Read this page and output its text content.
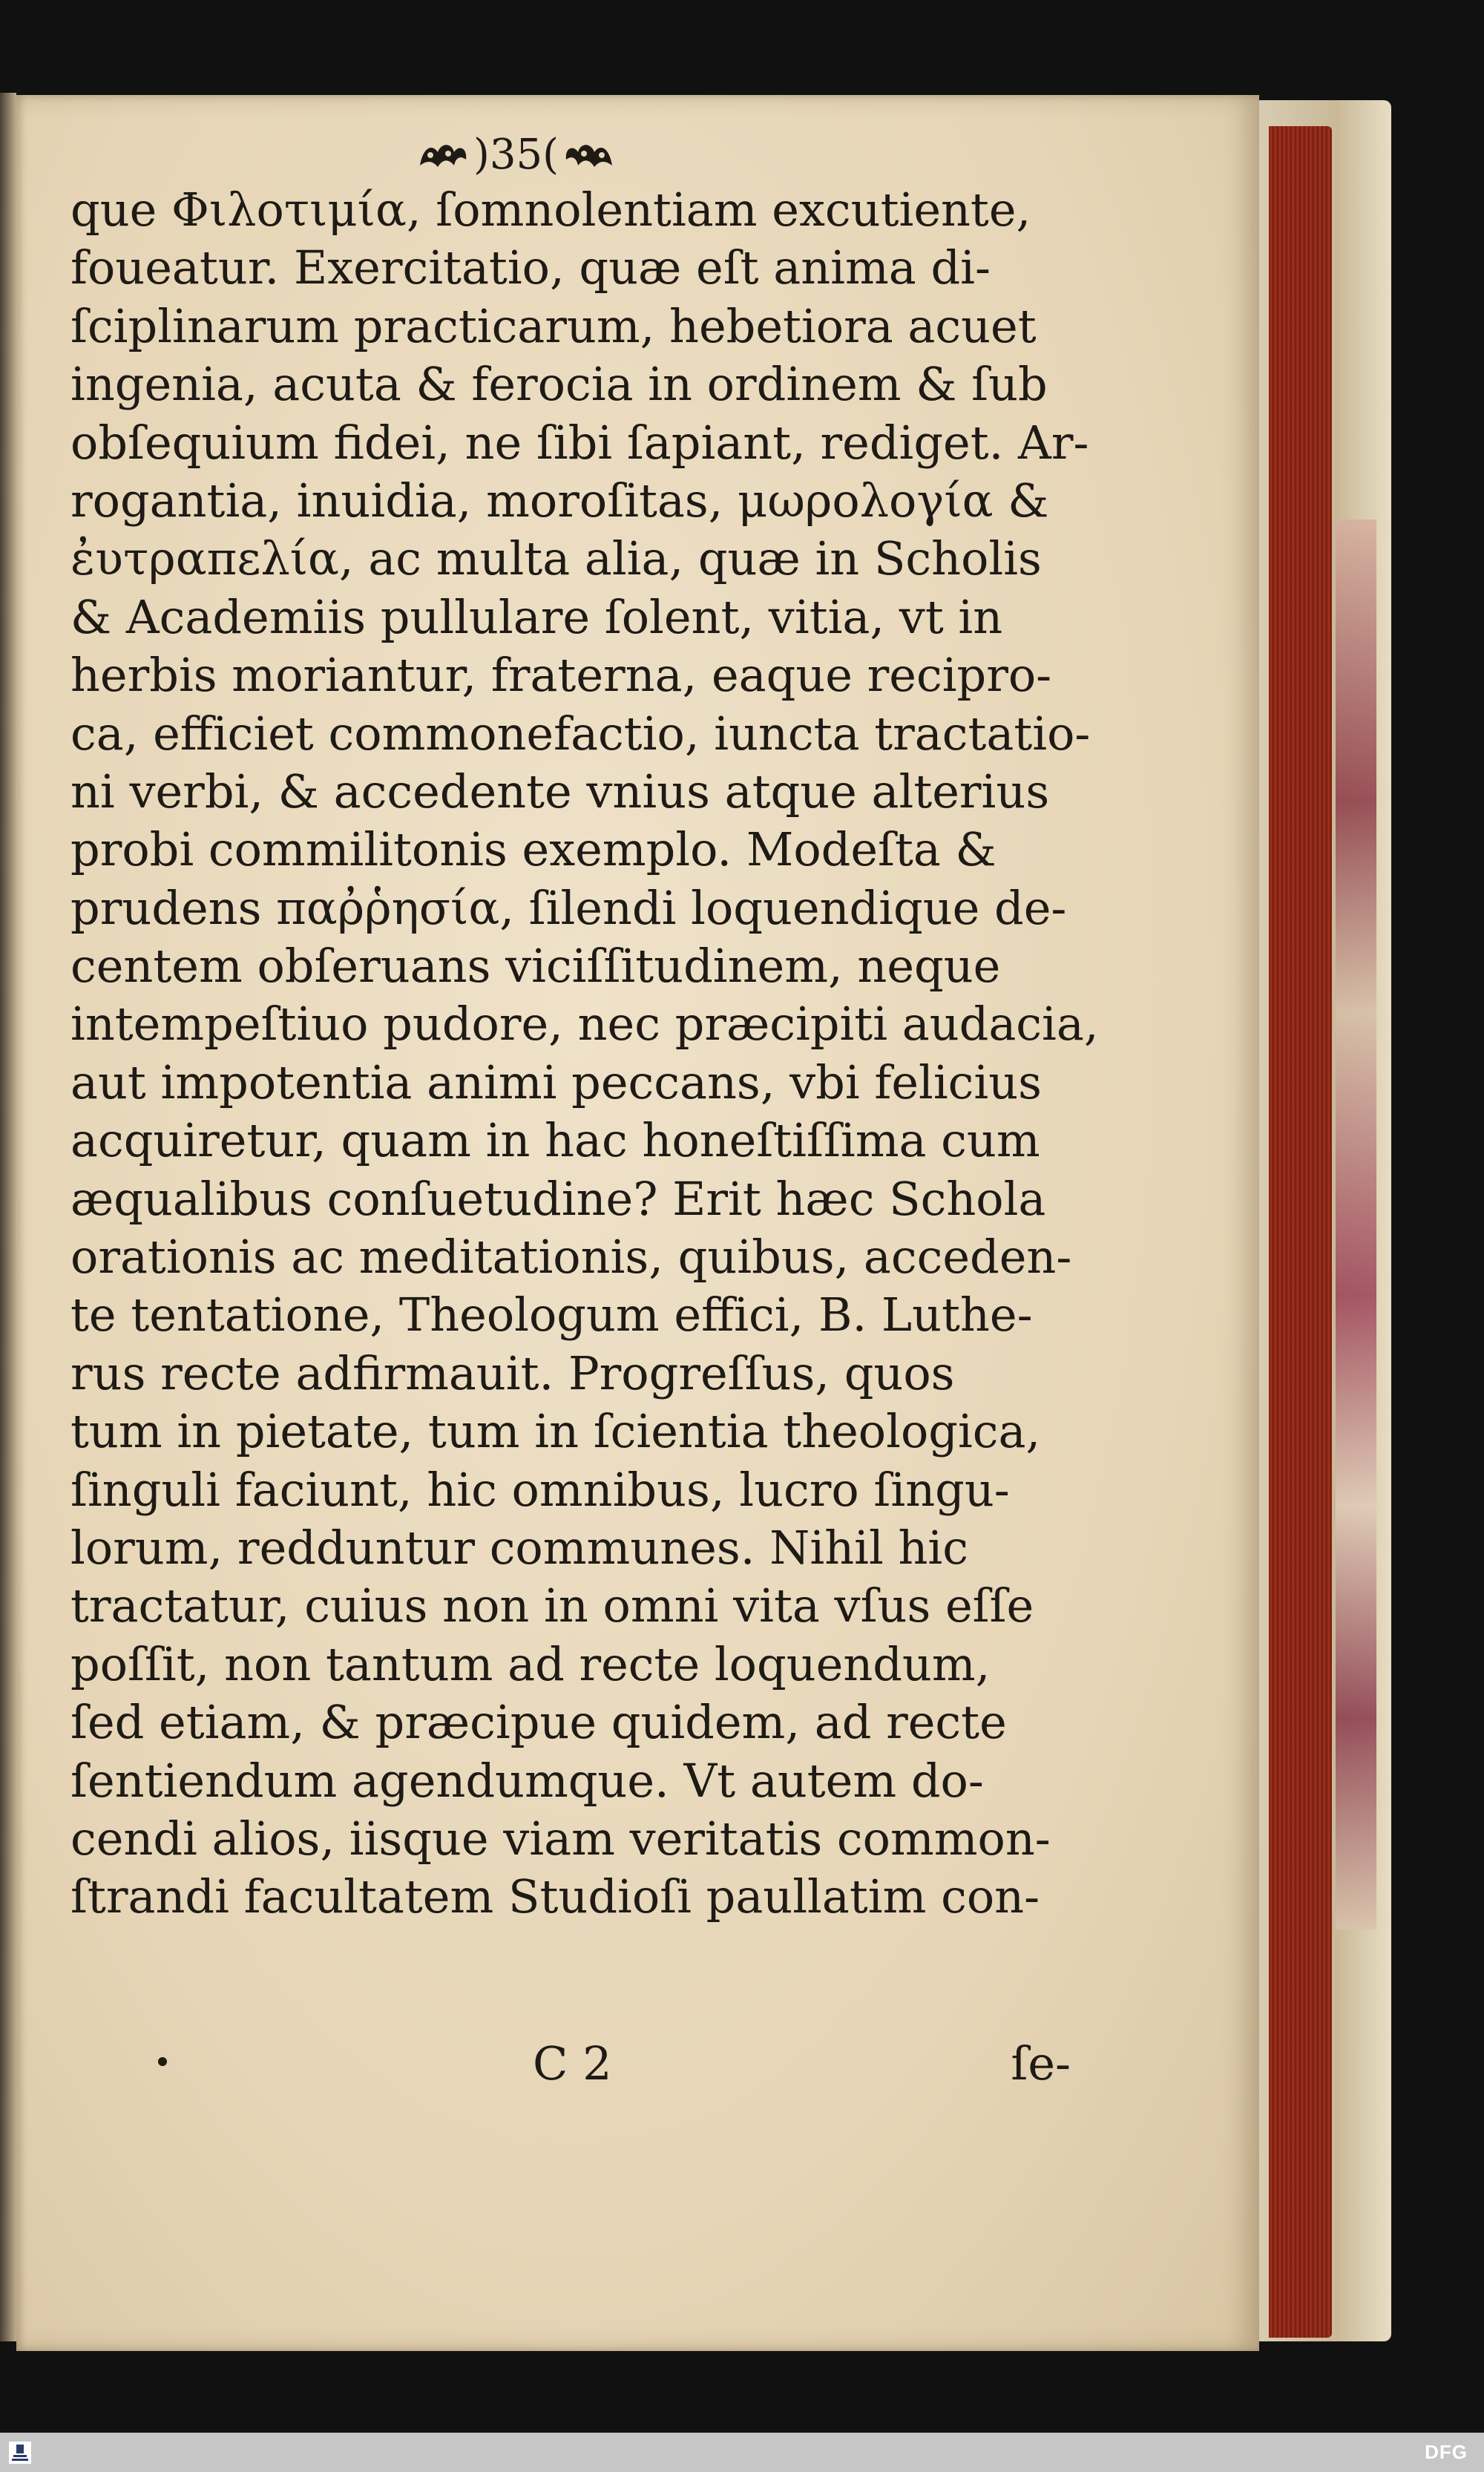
)35(
que Φιλοτιμία, ſomnolentiam excutiente,
foueatur. Exercitatio, quæ eſt anima di-
ſciplinarum practicarum, hebetiora acuet
ingenia, acuta & ferocia in ordinem & ſub
obſequium fidei, ne ſibi ſapiant, rediget. Ar-
rogantia, inuidia, moroſitas, μωρολογία &
ἐυτραπελία, ac multa alia, quæ in Scholis
& Academiis pullulare ſolent, vitia, vt in
herbis moriantur, fraterna, eaque recipro-
ca, efficiet commonefactio, iuncta tractatio-
ni verbi, & accedente vnius atque alterius
probi commilitonis exemplo. Modeſta &
prudens παῤῥησία, ſilendi loquendique de-
centem obſeruans viciſſitudinem, neque
intempeſtiuo pudore, nec præcipiti audacia,
aut impotentia animi peccans, vbi felicius
acquiretur, quam in hac honeſtiſſima cum
æqualibus conſuetudine? Erit hæc Schola
orationis ac meditationis, quibus, acceden-
te tentatione, Theologum effici, B. Luthe-
rus recte adfirmauit. Progreſſus, quos
tum in pietate, tum in ſcientia theologica,
ſinguli faciunt, hic omnibus, lucro ſingu-
lorum, redduntur communes. Nihil hic
tractatur, cuius non in omni vita vſus eſſe
poſſit, non tantum ad recte loquendum,
ſed etiam, & præcipue quidem, ad recte
ſentiendum agendumque. Vt autem do-
cendi alios, iisque viam veritatis common-
ſtrandi facultatem Studioſi paullatim con-
C 2	ſe-
DFG
